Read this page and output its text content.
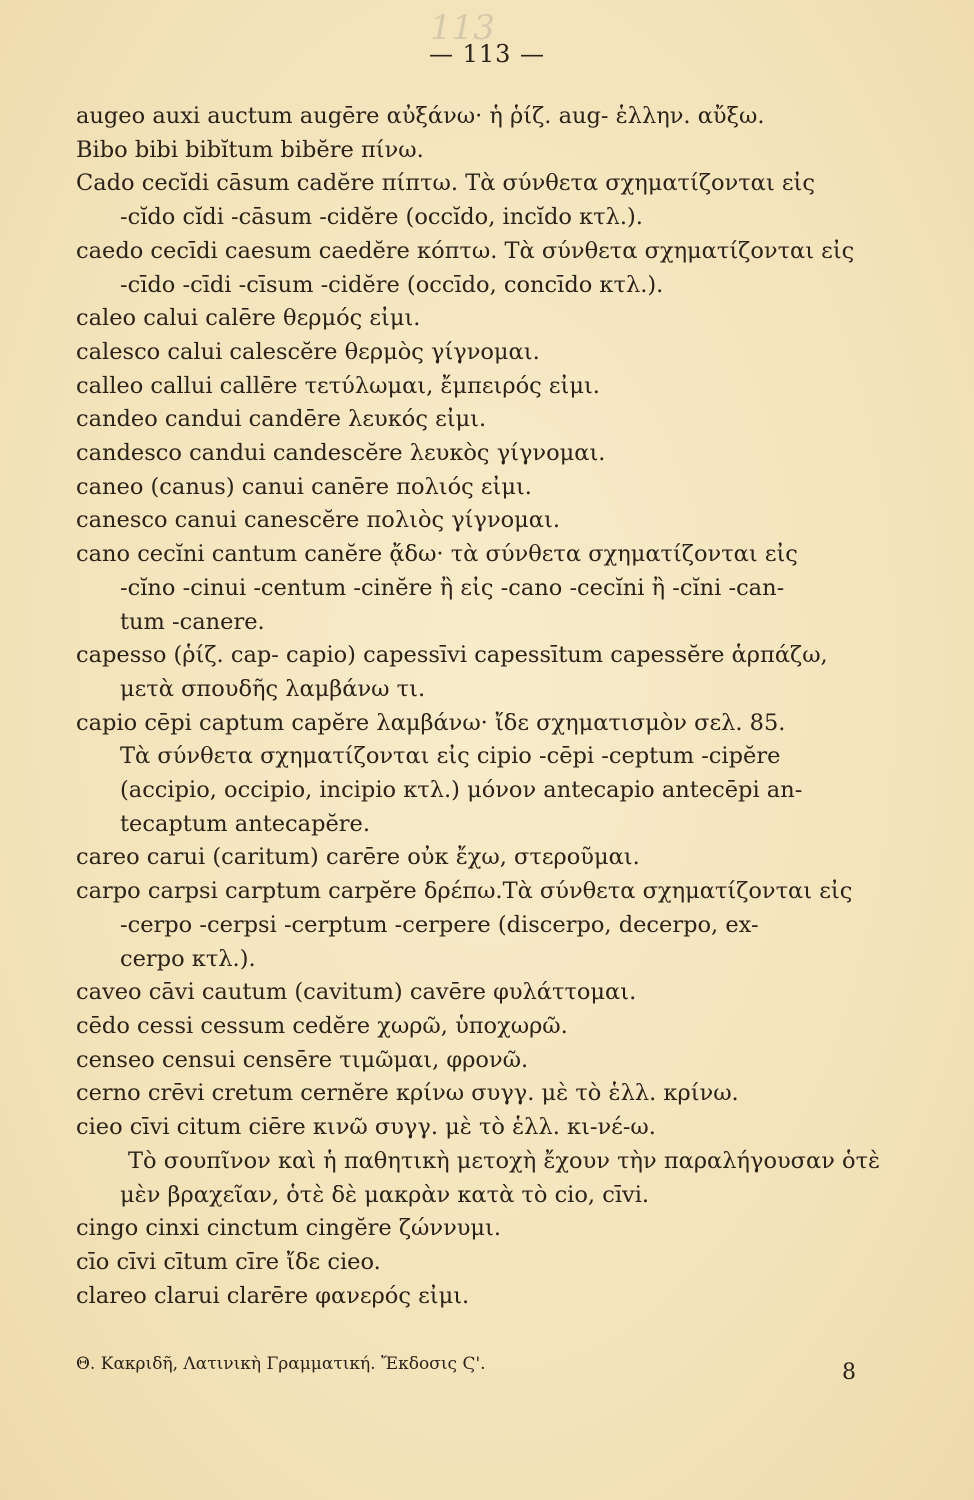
113
— 113 —
augeo auxi auctum augēre αὐξάνω· ἡ ῥίζ. aug- ἑλλην. αὔξω.
Bibo bibi bibĭtum bibĕre πίνω.
Cado cecĭdi cāsum cadĕre πίπτω. Τὰ σύνθετα σχηματίζονται εἰς
-cĭdo cĭdi -cāsum -cidĕre (occĭdo, incĭdo κτλ.).
caedo cecīdi caesum caedĕre κόπτω. Τὰ σύνθετα σχηματίζονται εἰς
-cīdo -cīdi -cīsum -cidĕre (occīdo, concīdo κτλ.).
caleo calui calēre θερμός εἰμι.
calesco calui calescĕre θερμὸς γίγνομαι.
calleo callui callēre τετύλωμαι, ἔμπειρός εἰμι.
candeo candui candēre λευκός εἰμι.
candesco candui candescĕre λευκὸς γίγνομαι.
caneo (canus) canui canēre πολιός εἰμι.
canesco canui canescĕre πολιὸς γίγνομαι.
cano cecĭni cantum canĕre ᾄδω· τὰ σύνθετα σχηματίζονται εἰς
-cĭno -cinui -centum -cinĕre ἢ εἰς -cano -cecĭni ἢ -cĭni -can-
tum -canere.
capesso (ῥίζ. cap- capio) capessīvi capessītum capessĕre ἁρπάζω,
μετὰ σπουδῆς λαμβάνω τι.
capio cēpi captum capĕre λαμβάνω· ἴδε σχηματισμὸν σελ. 85.
Τὰ σύνθετα σχηματίζονται εἰς cipio -cēpi -ceptum -cipĕre
(accipio, occipio, incipio κτλ.) μόνον antecapio antecēpi an-
tecaptum antecapĕre.
careo carui (caritum) carēre οὐκ ἔχω, στεροῦμαι.
carpo carpsi carptum carpĕre δρέπω.Τὰ σύνθετα σχηματίζονται εἰς
-cerpo -cerpsi -cerptum -cerpere (discerpo, decerpo, ex-
cerpo κτλ.).
caveo cāvi cautum (cavitum) cavēre φυλάττομαι.
cēdo cessi cessum cedĕre χωρῶ, ὑποχωρῶ.
censeo censui censēre τιμῶμαι, φρονῶ.
cerno crēvi cretum cernĕre κρίνω συγγ. μὲ τὸ ἑλλ. κρίνω.
cieo cīvi citum ciēre κινῶ συγγ. μὲ τὸ ἑλλ. κι-νέ-ω.
Τὸ σουπῖνον καὶ ἡ παθητικὴ μετοχὴ ἔχουν τὴν παραλήγουσαν ὁτὲ
μὲν βραχεῖαν, ὁτὲ δὲ μακρὰν κατὰ τὸ cio, cīvi.
cingo cinxi cinctum cingĕre ζώννυμι.
cīo cīvi cītum cīre ἴδε cieo.
clareo clarui clarēre φανερός εἰμι.
Θ. Κακριδῆ, Λατινικὴ Γραμματική. Ἔκδοσις Ϛ'.	8
